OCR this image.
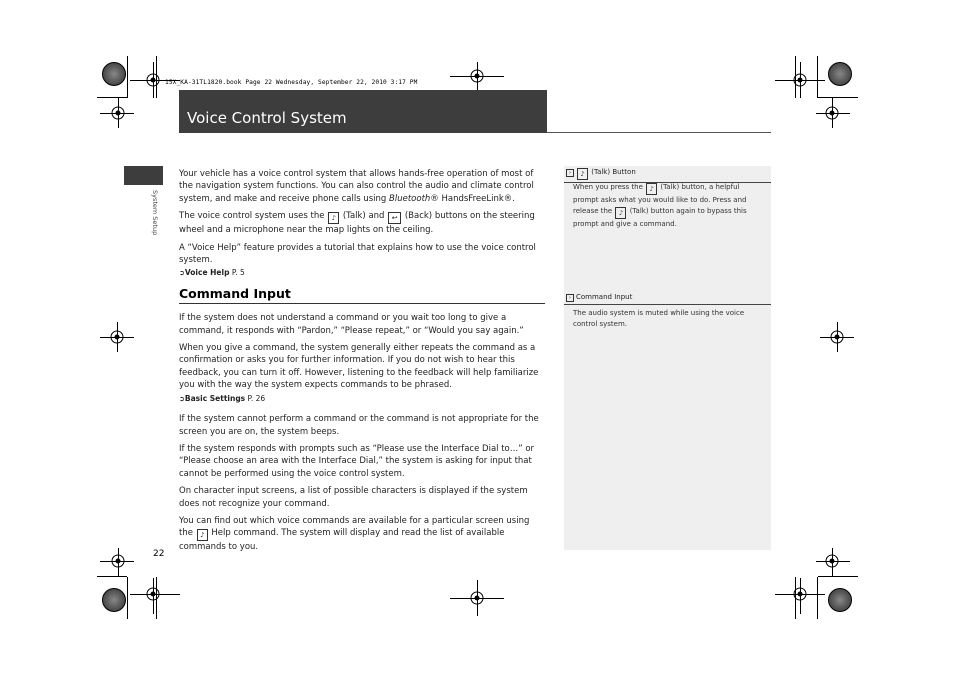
15X_KA-31TL1820.book Page 22 Wednesday, September 22, 2010 3:17 PM
Voice Control System
System Setup

Your vehicle has a voice control system that allows hands-free operation of most of the navigation system functions. You can also control the audio and climate control system, and make and receive phone calls using Bluetooth® HandsFreeLink®.

The voice control system uses the ♪ (Talk) and ↩ (Back) buttons on the steering wheel and a microphone near the map lights on the ceiling.

A “Voice Help” feature provides a tutorial that explains how to use the voice control system.

➲Voice Help P. 5
Command Input

If the system does not understand a command or you wait too long to give a command, it responds with “Pardon,” “Please repeat,” or “Would you say again.”

When you give a command, the system generally either repeats the command as a confirmation or asks you for further information. If you do not wish to hear this feedback, you can turn it off. However, listening to the feedback will help familiarize you with the way the system expects commands to be phrased.

➲Basic Settings P. 26

If the system cannot perform a command or the command is not appropriate for the screen you are on, the system beeps.

If the system responds with prompts such as “Please use the Interface Dial to…” or “Please choose an area with the Interface Dial,” the system is asking for input that cannot be performed using the voice control system.

On character input screens, a list of possible characters is displayed if the system does not recognize your command.

You can find out which voice commands are available for a particular screen using the ♪ Help command. The system will display and read the list of available commands to you.

›♪ (Talk) Button
When you press the ♪ (Talk) button, a helpful prompt asks what you would like to do. Press and release the ♪ (Talk) button again to bypass this prompt and give a command.
›Command Input
The audio system is muted while using the voice control system.
22
